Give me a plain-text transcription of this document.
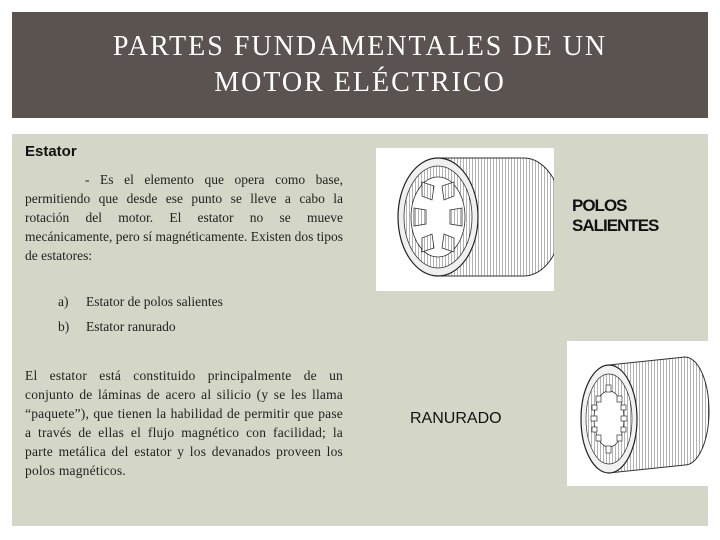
PARTES FUNDAMENTALES DE UN
MOTOR ELÉCTRICO
Estator
- Es el elemento que opera como base, permitiendo que desde ese punto se lleve a cabo la rotación del motor. El estator no se mueve mecánicamente, pero sí magnéticamente. Existen dos tipos de estatores:
a) Estator de polos salientes
b) Estator ranurado
El estator está constituido principalmente de un conjunto de láminas de acero al silicio (y se les llama “paquete”), que tienen la habilidad de permitir que pase a través de ellas el flujo magnético con facilidad; la parte metálica del estator y los devanados proveen los polos magnéticos.
POLOS SALIENTES
RANURADO
